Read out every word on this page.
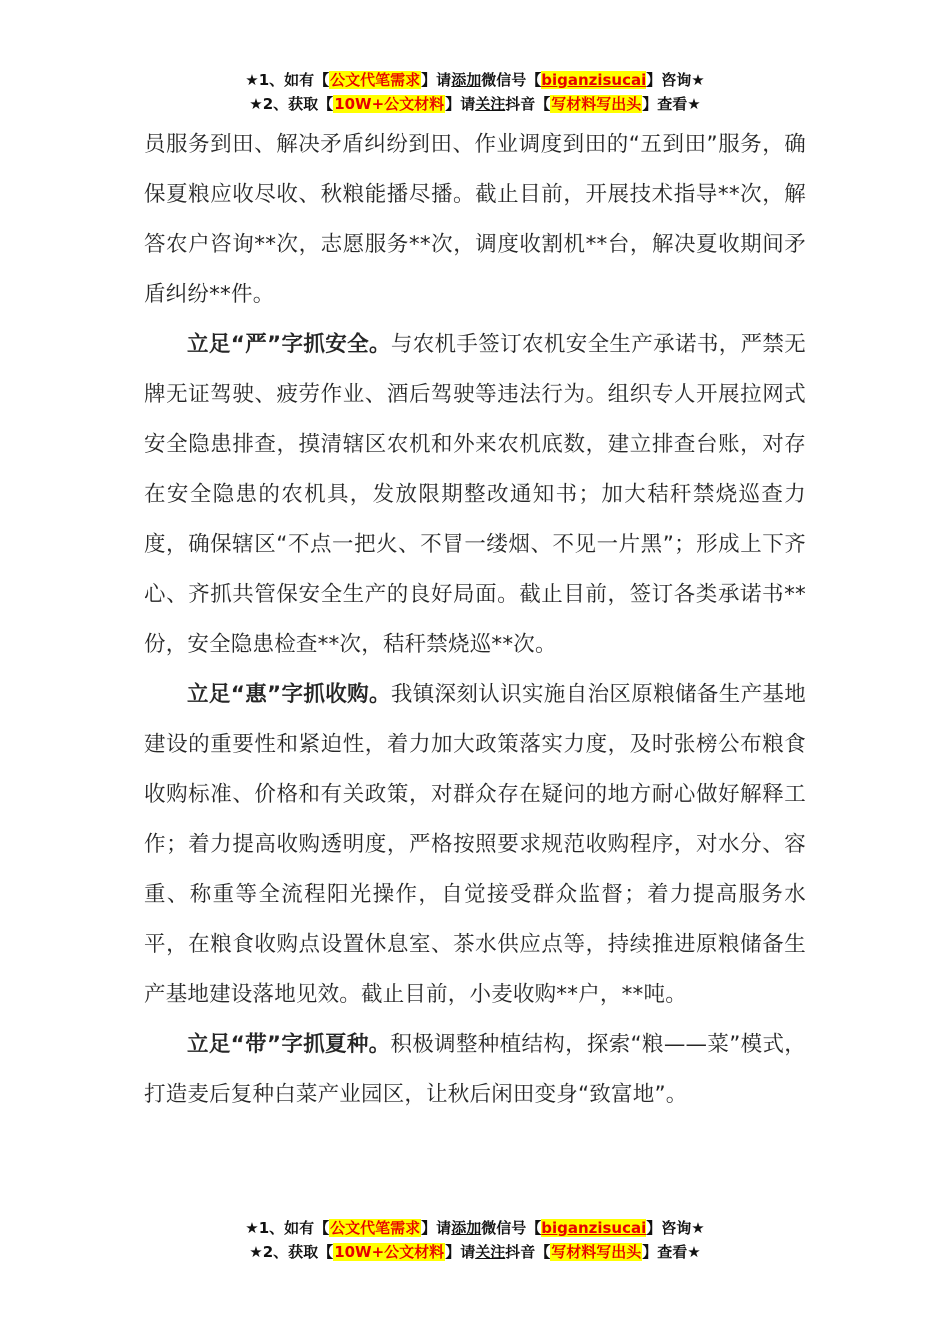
★1、如有【公文代笔需求】请添加微信号【biganzisucai】咨询★
★2、获取【10W+公文材料】请关注抖音【写材料写出头】查看★

员服务到田、解决矛盾纠纷到田、作业调度到田的“五到田”服务，确保夏粮应收尽收、秋粮能播尽播。截止目前，开展技术指导**次，解答农户咨询**次，志愿服务**次，调度收割机**台，解决夏收期间矛盾纠纷**件。

立足“严”字抓安全。与农机手签订农机安全生产承诺书，严禁无牌无证驾驶、疲劳作业、酒后驾驶等违法行为。组织专人开展拉网式安全隐患排查，摸清辖区农机和外来农机底数，建立排查台账，对存在安全隐患的农机具，发放限期整改通知书；加大秸秆禁烧巡查力度，确保辖区“不点一把火、不冒一缕烟、不见一片黑”；形成上下齐心、齐抓共管保安全生产的良好局面。截止目前，签订各类承诺书**份，安全隐患检查**次，秸秆禁烧巡**次。

立足“惠”字抓收购。我镇深刻认识实施自治区原粮储备生产基地建设的重要性和紧迫性，着力加大政策落实力度，及时张榜公布粮食收购标准、价格和有关政策，对群众存在疑问的地方耐心做好解释工作；着力提高收购透明度，严格按照要求规范收购程序，对水分、容重、称重等全流程阳光操作，自觉接受群众监督；着力提高服务水平，在粮食收购点设置休息室、茶水供应点等，持续推进原粮储备生产基地建设落地见效。截止目前，小麦收购**户，**吨。

立足“带”字抓夏种。积极调整种植结构，探索“粮——菜”模式，打造麦后复种白菜产业园区，让秋后闲田变身“致富地”。

★1、如有【公文代笔需求】请添加微信号【biganzisucai】咨询★
★2、获取【10W+公文材料】请关注抖音【写材料写出头】查看★
